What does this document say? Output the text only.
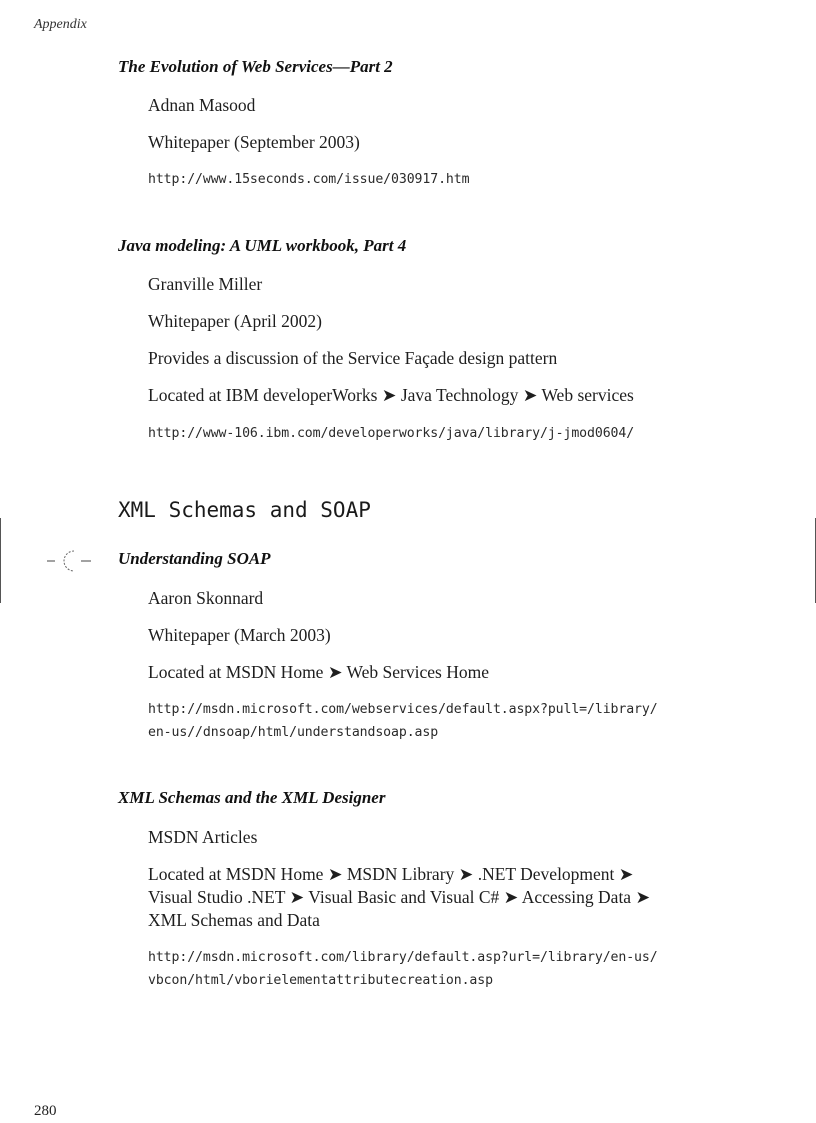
Appendix
The Evolution of Web Services—Part 2
Adnan Masood
Whitepaper (September 2003)
http://www.15seconds.com/issue/030917.htm
Java modeling: A UML workbook, Part 4
Granville Miller
Whitepaper (April 2002)
Provides a discussion of the Service Façade design pattern
Located at IBM developerWorks ➤ Java Technology ➤ Web services
http://www-106.ibm.com/developerworks/java/library/j-jmod0604/
XML Schemas and SOAP
Understanding SOAP
Aaron Skonnard
Whitepaper (March 2003)
Located at MSDN Home ➤ Web Services Home
http://msdn.microsoft.com/webservices/default.aspx?pull=/library/
en-us//dnsoap/html/understandsoap.asp
XML Schemas and the XML Designer
MSDN Articles
Located at MSDN Home ➤ MSDN Library ➤ .NET Development ➤
Visual Studio .NET ➤ Visual Basic and Visual C# ➤ Accessing Data ➤
XML Schemas and Data
http://msdn.microsoft.com/library/default.asp?url=/library/en-us/
vbcon/html/vborielementattributecreation.asp
280
